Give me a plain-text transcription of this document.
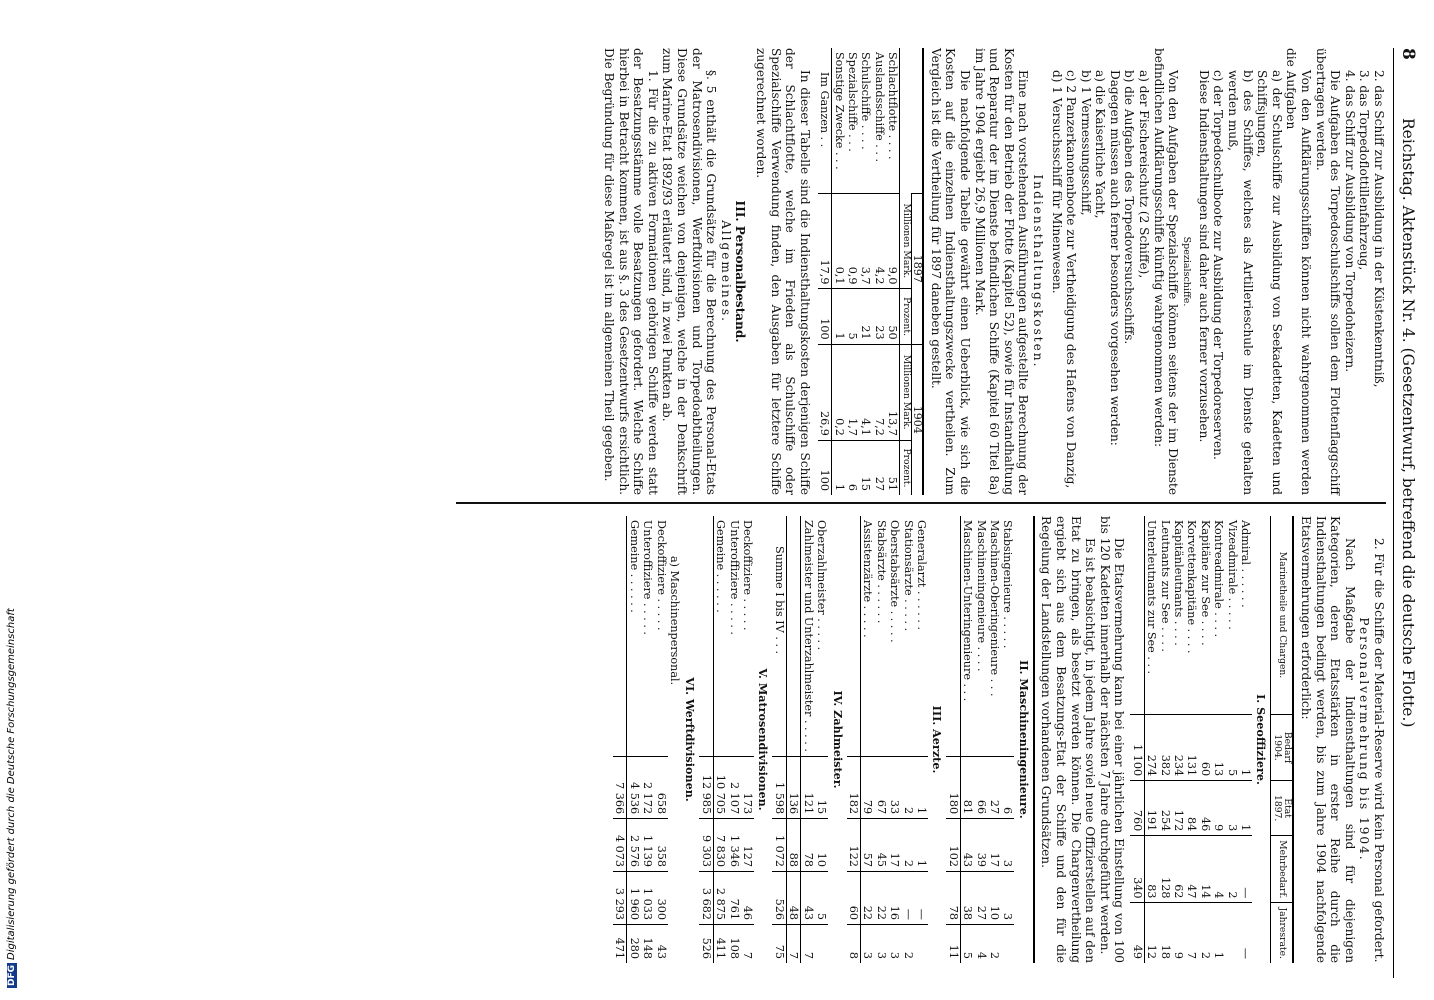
8
Reichstag. Aktenstück Nr. 4. (Gesetzentwurf, betreffend die deutsche Flotte.)

2. das Schiff zur Ausbildung in der Küstenkenntniß,

3. das Torpedoflottillenfahrzeug,

4. das Schiff zur Ausbildung von Torpedoheizern.

Die Aufgaben des Torpedoschulschiffs sollen dem Flottenflaggschiff übertragen werden.

Von den Aufklärungsschiffen können nicht wahrgenommen werden die Aufgaben

a) der Schulschiffe zur Ausbildung von Seekadetten, Kadetten und Schiffsjungen,

b) des Schiffes, welches als Artillerieschule im Dienste gehalten werden muß,

c) der Torpedoschulboote zur Ausbildung der Torpedoreserven.

Diese Indiensthaltungen sind daher auch ferner vorzusehen.

Spezialschiffe.

Von den Aufgaben der Spezialschiffe können seitens der im Dienste befindlichen Aufklärungsschiffe künftig wahrgenommen werden:

a) der Fischereischutz (2 Schiffe),

b) die Aufgaben des Torpedoversuchsschiffs.

Dagegen müssen auch ferner besonders vorgesehen werden:

a) die Kaiserliche Yacht,

b) 1 Vermessungsschiff,

c) 2 Panzerkanonenboote zur Vertheidigung des Hafens von Danzig,

d) 1 Versuchsschiff für Minenwesen.

Indiensthaltungskosten.

Eine nach vorstehenden Ausführungen aufgestellte Berechnung der Kosten für den Betrieb der Flotte (Kapitel 52), sowie für Instandhaltung und Reparatur der im Dienste befindlichen Schiffe (Kapitel 60 Titel 8a) im Jahre 1904 ergiebt 26,9 Millionen Mark.

Die nachfolgende Tabelle gewährt einen Ueberblick, wie sich die Kosten auf die einzelnen Indiensthaltungszwecke vertheilen. Zum Vergleich ist die Vertheilung für 1897 daneben gestellt.

	1897		1904	
	Millionen Mark.	Prozent.	Millionen Mark.	Prozent.
Schlachtflotte . . . .	9,0	50	13,7	51
Auslandsschiffe . . .	4,2	23	7,2	27
Schulschiffe . . . .	3,7	21	4,1	15
Spezialschiffe . . .	0,9	5	1,7	6
Sonstige Zwecke . . .	0,1	1	0,2	1
Im Ganzen . .	17,9	100	26,9	100

In dieser Tabelle sind die Indiensthaltungskosten derjenigen Schiffe der Schlachtflotte, welche im Frieden als Schulschiffe oder Spezialschiffe Verwendung finden, den Ausgaben für letztere Schiffe zugerechnet worden.

III. Personalbestand.

Allgemeines.

§. 5 enthält die Grundsätze für die Berechnung des Personal-Etats der Matrosendivisionen, Werftdivisionen und Torpedoabtheilungen. Diese Grundsätze weichen von denjenigen, welche in der Denkschrift zum Marine-Etat 1892/93 erläutert sind, in zwei Punkten ab.

1. Für die zu aktiven Formationen gehörigen Schiffe werden statt der Besatzungsstämme volle Besatzungen gefordert. Welche Schiffe hierbei in Betracht kommen, ist aus §. 3 des Gesetzentwurfs ersichtlich. Die Begründung für diese Maßregel ist im allgemeinen Theil gegeben.

2. Für die Schiffe der Material-Reserve wird kein Personal gefordert.

Personalvermehrung bis 1904.

Nach Maßgabe der Indiensthaltungen sind für diejenigen Kategorien, deren Etatsstärken in erster Reihe durch die Indiensthaltungen bedingt werden, bis zum Jahre 1904 nachfolgende Etatsvermehrungen erforderlich:

Marinetheile und Chargen.	Bedarf 1904.	Etat 1897.	Mehrbedarf.	Jahresrate.
I. Seeoffiziere.				
Admiral . . . . . .	1	1	—	—
Vizeadmirale . . . . .	5	3	2	
Kontreadmirale . . . .	13	9	4	1
Kapitäne zur See . . . .	60	46	14	2
Korvettenkapitäne . . . .	131	84	47	7
Kapitänleutnants . . . .	234	172	62	9
Leutnants zur See . . . .	382	254	128	18
Unterleutnants zur See . . .	274	191	83	12
	1 100	760	340	49

Die Etatsvermehrung kann bei einer jährlichen Einstellung von 100 bis 120 Kadetten innerhalb der nächsten 7 Jahre durchgeführt werden.

Es ist beabsichtigt, in jedem Jahre soviel neue Offizierstellen auf den Etat zu bringen, als besetzt werden können. Die Chargenvertheilung ergiebt sich aus dem Besatzungs-Etat der Schiffe und den für die Regelung der Landstellungen vorhandenen Grundsätzen.

II. Maschineningenieure.				
Stabsingenieure . . . . .	6	3	3	
Maschinen-Oberingenieure . . .	27	17	10	2
Maschineningenieure . . . .	66	39	27	4
Maschinen-Unteringenieure . . .	81	43	38	5
	180	102	78	11
III. Aerzte.				
Generalarzt . . . . . .	1	1	—	
Stationsärzte . . . . .	2	2	—	2
Oberstabsärzte . . . . .	33	17	16	3
Stabsärzte . . . . . .	67	45	22	3
Assistenzärzte . . . . .	79	57	22	3
	182	122	60	8
IV. Zahlmeister.				
Oberzahlmeister . . . . .	15	10	5	
Zahlmeister und Unterzahlmeister . . . . .	121	78	43	7
	136	88	48	7
Summe I bis IV . . .	1 598	1 072	526	75
V. Matrosendivisionen.				
Deckoffiziere . . . . .	173	127	46	7
Unteroffiziere . . . . .	2 107	1 346	761	108
Gemeine . . . . . .	10 705	7 830	2 875	411
	12 985	9 303	3 682	526
VI. Werftdivisionen.				
a) Maschinenpersonal.				
Deckoffiziere . . . . .	658	358	300	43
Unteroffiziere . . . . .	2 172	1 139	1 033	148
Gemeine . . . . . .	4 536	2 576	1 960	280
	7 366	4 073	3 293	471
DFGDigitalisierung gefördert durch die Deutsche Forschungsgemeinschaft
